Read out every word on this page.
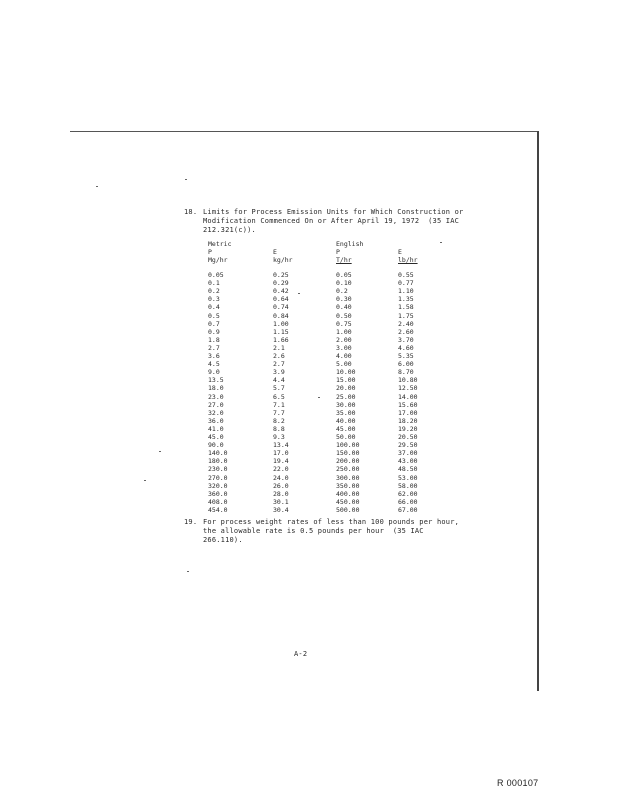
18. Limits for Process Emission Units for Which Construction or
Modification Commenced On or After April 19, 1972  (35 IAC
212.321(c)).
Metric	English
P	E	P	E
Mg/hr	kg/hr	T/hr	lb/hr
0.05	0.25	0.05	0.55
0.1	0.29	0.10	0.77
0.2	0.42	0.2	1.10
0.3	0.64	0.30	1.35
0.4	0.74	0.40	1.58
0.5	0.84	0.50	1.75
0.7	1.00	0.75	2.40
0.9	1.15	1.00	2.60
1.8	1.66	2.00	3.70
2.7	2.1	3.00	4.60
3.6	2.6	4.00	5.35
4.5	2.7	5.00	6.00
9.0	3.9	10.00	8.70
13.5	4.4	15.00	10.80
18.0	5.7	20.00	12.50
23.0	6.5	25.00	14.00
27.0	7.1	30.00	15.60
32.0	7.7	35.00	17.00
36.0	8.2	40.00	18.20
41.0	8.8	45.00	19.20
45.0	9.3	50.00	20.50
90.0	13.4	100.00	29.50
140.0	17.0	150.00	37.00
180.0	19.4	200.00	43.00
230.0	22.0	250.00	48.50
270.0	24.0	300.00	53.00
320.0	26.0	350.00	58.00
360.0	28.0	400.00	62.00
408.0	30.1	450.00	66.00
454.0	30.4	500.00	67.00
19. For process weight rates of less than 100 pounds per hour,
the allowable rate is 0.5 pounds per hour  (35 IAC
266.110).
A-2
R 000107
